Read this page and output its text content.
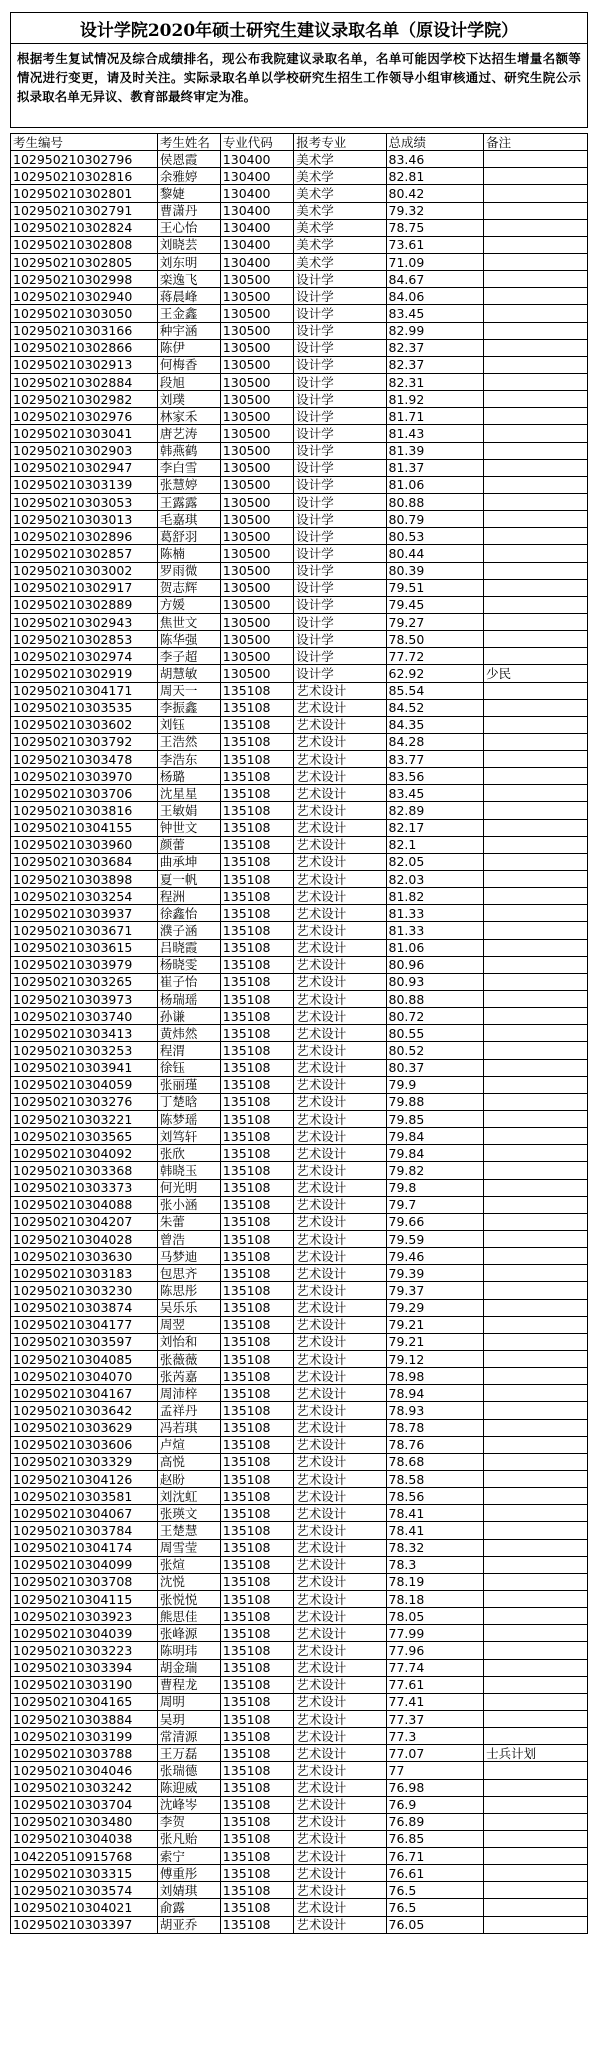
设计学院2020年硕士研究生建议录取名单（原设计学院）
根据考生复试情况及综合成绩排名，现公布我院建议录取名单，名单可能因学校下达招生增量名额等情况进行变更，请及时关注。实际录取名单以学校研究生招生工作领导小组审核通过、研究生院公示拟录取名单无异议、教育部最终审定为准。
考生编号	考生姓名	专业代码	报考专业	总成绩	备注
102950210302796	侯恩霞	130400	美术学	83.46	
102950210302816	余雅婷	130400	美术学	82.81	
102950210302801	黎婕	130400	美术学	80.42	
102950210302791	曹潇丹	130400	美术学	79.32	
102950210302824	王心怡	130400	美术学	78.75	
102950210302808	刘晓芸	130400	美术学	73.61	
102950210302805	刘东明	130400	美术学	71.09	
102950210302998	栾逸飞	130500	设计学	84.67	
102950210302940	蒋晨峰	130500	设计学	84.06	
102950210303050	王金鑫	130500	设计学	83.45	
102950210303166	种宇涵	130500	设计学	82.99	
102950210302866	陈伊	130500	设计学	82.37	
102950210302913	何梅香	130500	设计学	82.37	
102950210302884	段旭	130500	设计学	82.31	
102950210302982	刘璞	130500	设计学	81.92	
102950210302976	林家禾	130500	设计学	81.71	
102950210303041	唐艺涛	130500	设计学	81.43	
102950210302903	韩燕鹤	130500	设计学	81.39	
102950210302947	李白雪	130500	设计学	81.37	
102950210303139	张慧婷	130500	设计学	81.06	
102950210303053	王露露	130500	设计学	80.88	
102950210303013	毛嘉琪	130500	设计学	80.79	
102950210302896	葛舒羽	130500	设计学	80.53	
102950210302857	陈楠	130500	设计学	80.44	
102950210303002	罗雨微	130500	设计学	80.39	
102950210302917	贺志辉	130500	设计学	79.51	
102950210302889	方媛	130500	设计学	79.45	
102950210302943	焦世文	130500	设计学	79.27	
102950210302853	陈华强	130500	设计学	78.50	
102950210302974	李子超	130500	设计学	77.72	
102950210302919	胡慧敏	130500	设计学	62.92	少民
102950210304171	周天一	135108	艺术设计	85.54	
102950210303535	李振鑫	135108	艺术设计	84.52	
102950210303602	刘钰	135108	艺术设计	84.35	
102950210303792	王浩然	135108	艺术设计	84.28	
102950210303478	李浩东	135108	艺术设计	83.77	
102950210303970	杨璐	135108	艺术设计	83.56	
102950210303706	沈星星	135108	艺术设计	83.45	
102950210303816	王敏娟	135108	艺术设计	82.89	
102950210304155	钟世文	135108	艺术设计	82.17	
102950210303960	颜蕾	135108	艺术设计	82.1	
102950210303684	曲承坤	135108	艺术设计	82.05	
102950210303898	夏一帆	135108	艺术设计	82.03	
102950210303254	程洲	135108	艺术设计	81.82	
102950210303937	徐鑫怡	135108	艺术设计	81.33	
102950210303671	濮子涵	135108	艺术设计	81.33	
102950210303615	吕晓霞	135108	艺术设计	81.06	
102950210303979	杨晓雯	135108	艺术设计	80.96	
102950210303265	崔子怡	135108	艺术设计	80.93	
102950210303973	杨瑞瑶	135108	艺术设计	80.88	
102950210303740	孙谦	135108	艺术设计	80.72	
102950210303413	黄炜然	135108	艺术设计	80.55	
102950210303253	程渭	135108	艺术设计	80.52	
102950210303941	徐钰	135108	艺术设计	80.37	
102950210304059	张丽瑾	135108	艺术设计	79.9	
102950210303276	丁楚晗	135108	艺术设计	79.88	
102950210303221	陈梦瑶	135108	艺术设计	79.85	
102950210303565	刘笃轩	135108	艺术设计	79.84	
102950210304092	张欣	135108	艺术设计	79.84	
102950210303368	韩晓玉	135108	艺术设计	79.82	
102950210303373	何光明	135108	艺术设计	79.8	
102950210304088	张小涵	135108	艺术设计	79.7	
102950210304207	朱蕾	135108	艺术设计	79.66	
102950210304028	曾浩	135108	艺术设计	79.59	
102950210303630	马梦迪	135108	艺术设计	79.46	
102950210303183	包思齐	135108	艺术设计	79.39	
102950210303230	陈思彤	135108	艺术设计	79.37	
102950210303874	吴乐乐	135108	艺术设计	79.29	
102950210304177	周翌	135108	艺术设计	79.21	
102950210303597	刘怡和	135108	艺术设计	79.21	
102950210304085	张薇薇	135108	艺术设计	79.12	
102950210304070	张芮嘉	135108	艺术设计	78.98	
102950210304167	周沛梓	135108	艺术设计	78.94	
102950210303642	孟祥丹	135108	艺术设计	78.93	
102950210303629	冯若琪	135108	艺术设计	78.78	
102950210303606	卢煊	135108	艺术设计	78.76	
102950210303329	高悦	135108	艺术设计	78.68	
102950210304126	赵盼	135108	艺术设计	78.58	
102950210303581	刘沈虹	135108	艺术设计	78.56	
102950210304067	张瑛文	135108	艺术设计	78.41	
102950210303784	王楚慧	135108	艺术设计	78.41	
102950210304174	周雪莹	135108	艺术设计	78.32	
102950210304099	张煊	135108	艺术设计	78.3	
102950210303708	沈悦	135108	艺术设计	78.19	
102950210304115	张悦悦	135108	艺术设计	78.18	
102950210303923	熊思佳	135108	艺术设计	78.05	
102950210304039	张峰源	135108	艺术设计	77.99	
102950210303223	陈明玮	135108	艺术设计	77.96	
102950210303394	胡金瑞	135108	艺术设计	77.74	
102950210303190	曹程龙	135108	艺术设计	77.61	
102950210304165	周明	135108	艺术设计	77.41	
102950210303884	吴玥	135108	艺术设计	77.37	
102950210303199	常清源	135108	艺术设计	77.3	
102950210303788	王万磊	135108	艺术设计	77.07	士兵计划
102950210304046	张瑞德	135108	艺术设计	77	
102950210303242	陈迎威	135108	艺术设计	76.98	
102950210303704	沈峰岑	135108	艺术设计	76.9	
102950210303480	李贺	135108	艺术设计	76.89	
102950210304038	张凡贻	135108	艺术设计	76.85	
104220510915768	索宁	135108	艺术设计	76.71	
102950210303315	傅重彤	135108	艺术设计	76.61	
102950210303574	刘婧琪	135108	艺术设计	76.5	
102950210304021	俞露	135108	艺术设计	76.5	
102950210303397	胡亚乔	135108	艺术设计	76.05	
